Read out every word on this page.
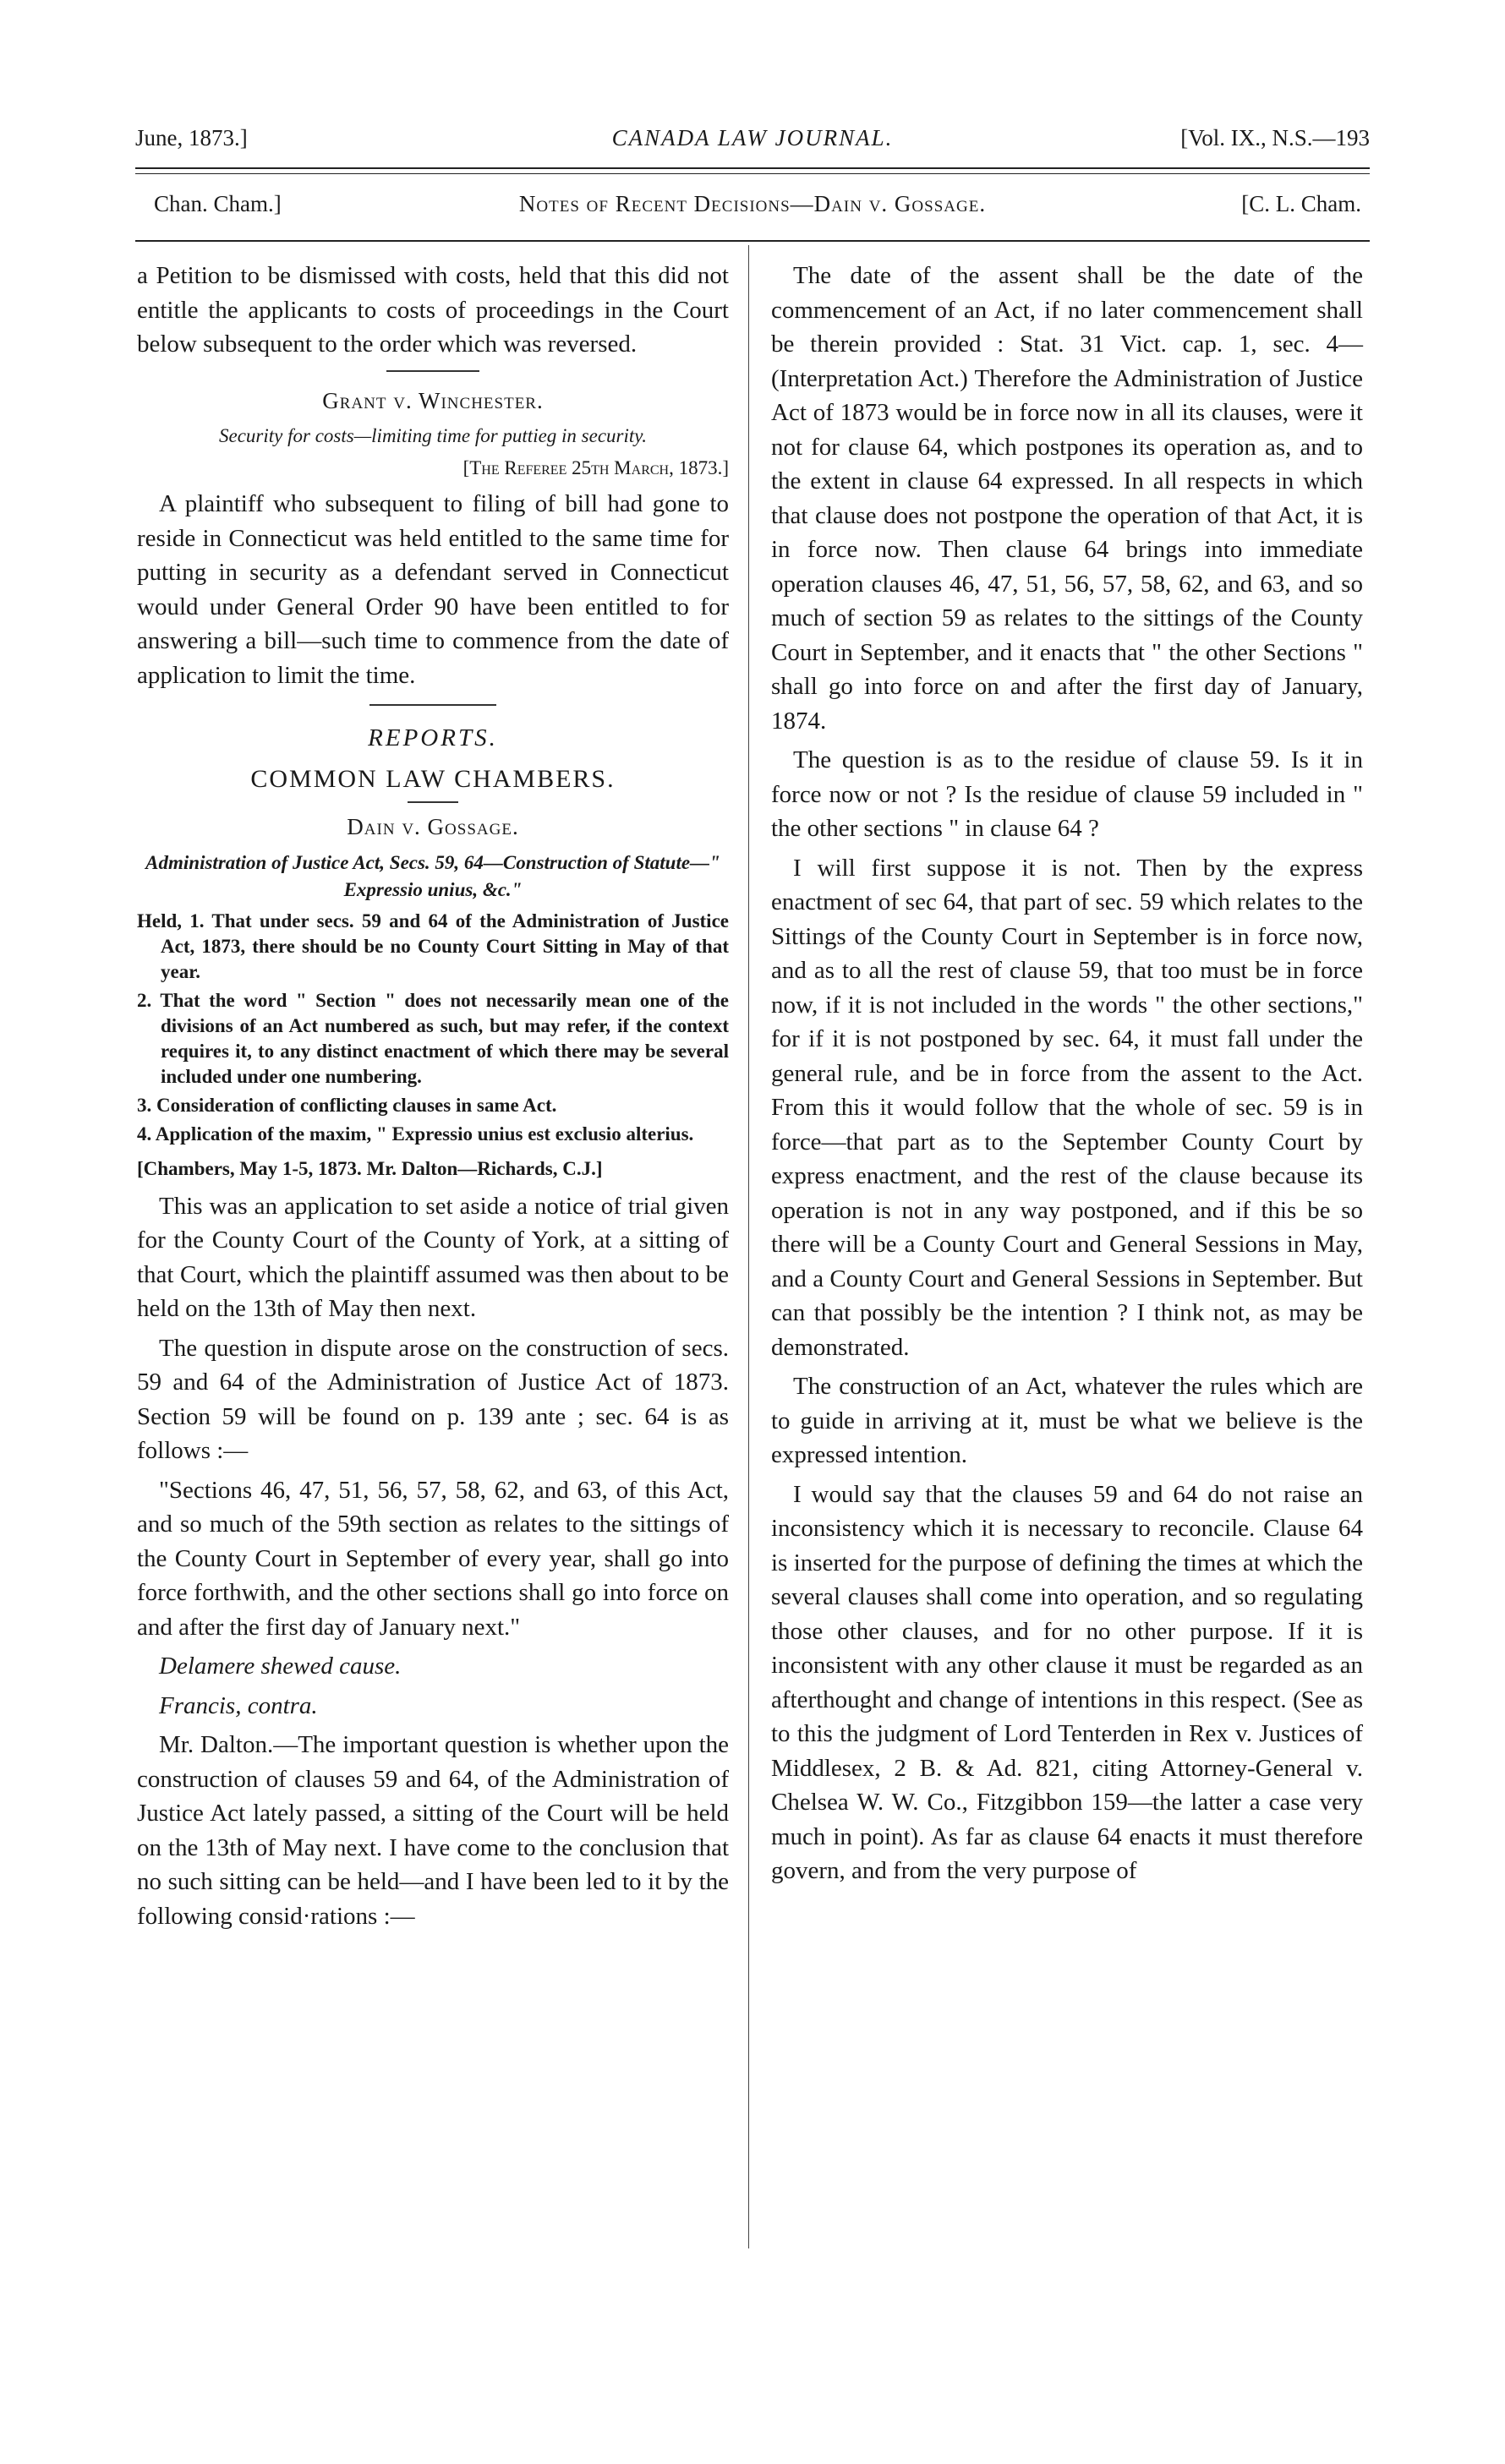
June, 1873.]	CANADA LAW JOURNAL.	[Vol. IX., N.S.—193
Chan. Cham.]	Notes of Recent Decisions—Dain v. Gossage.	[C. L. Cham.

a Petition to be dismissed with costs, held that this did not entitle the applicants to costs of proceedings in the Court below subsequent to the order which was reversed.

Grant v. Winchester.

Security for costs—limiting time for puttieg in security.

[The Referee 25th March, 1873.]

A plaintiff who subsequent to filing of bill had gone to reside in Connecticut was held entitled to the same time for putting in security as a defendant served in Connecticut would under General Order 90 have been entitled to for answering a bill—such time to commence from the date of application to limit the time.

REPORTS.

COMMON LAW CHAMBERS.

Dain v. Gossage.

Administration of Justice Act, Secs. 59, 64—Construction of Statute—" Expressio unius, &c."

Held, 1. That under secs. 59 and 64 of the Administration of Justice Act, 1873, there should be no County Court Sitting in May of that year.

2. That the word " Section " does not necessarily mean one of the divisions of an Act numbered as such, but may refer, if the context requires it, to any distinct enactment of which there may be several included under one numbering.

3. Consideration of conflicting clauses in same Act.

4. Application of the maxim, " Expressio unius est exclusio alterius.

[Chambers, May 1-5, 1873. Mr. Dalton—Richards, C.J.]

This was an application to set aside a notice of trial given for the County Court of the County of York, at a sitting of that Court, which the plaintiff assumed was then about to be held on the 13th of May then next.

The question in dispute arose on the construction of secs. 59 and 64 of the Administration of Justice Act of 1873. Section 59 will be found on p. 139 ante ; sec. 64 is as follows :—

"Sections 46, 47, 51, 56, 57, 58, 62, and 63, of this Act, and so much of the 59th section as relates to the sittings of the County Court in September of every year, shall go into force forthwith, and the other sections shall go into force on and after the first day of January next."

Delamere shewed cause.

Francis, contra.

Mr. Dalton.—The important question is whether upon the construction of clauses 59 and 64, of the Administration of Justice Act lately passed, a sitting of the Court will be held on the 13th of May next. I have come to the conclusion that no such sitting can be held—and I have been led to it by the following consid·rations :—

The date of the assent shall be the date of the commencement of an Act, if no later commencement shall be therein provided : Stat. 31 Vict. cap. 1, sec. 4—(Interpretation Act.) Therefore the Administration of Justice Act of 1873 would be in force now in all its clauses, were it not for clause 64, which postpones its operation as, and to the extent in clause 64 expressed. In all respects in which that clause does not postpone the operation of that Act, it is in force now. Then clause 64 brings into immediate operation clauses 46, 47, 51, 56, 57, 58, 62, and 63, and so much of section 59 as relates to the sittings of the County Court in September, and it enacts that " the other Sections " shall go into force on and after the first day of January, 1874.

The question is as to the residue of clause 59. Is it in force now or not ? Is the residue of clause 59 included in " the other sections " in clause 64 ?

I will first suppose it is not. Then by the express enactment of sec 64, that part of sec. 59 which relates to the Sittings of the County Court in September is in force now, and as to all the rest of clause 59, that too must be in force now, if it is not included in the words " the other sections," for if it is not postponed by sec. 64, it must fall under the general rule, and be in force from the assent to the Act. From this it would follow that the whole of sec. 59 is in force—that part as to the September County Court by express enactment, and the rest of the clause because its operation is not in any way postponed, and if this be so there will be a County Court and General Sessions in May, and a County Court and General Sessions in September. But can that possibly be the intention ? I think not, as may be demonstrated.

The construction of an Act, whatever the rules which are to guide in arriving at it, must be what we believe is the expressed intention.

I would say that the clauses 59 and 64 do not raise an inconsistency which it is necessary to reconcile. Clause 64 is inserted for the purpose of defining the times at which the several clauses shall come into operation, and so regulating those other clauses, and for no other purpose. If it is inconsistent with any other clause it must be regarded as an afterthought and change of intentions in this respect. (See as to this the judgment of Lord Tenterden in Rex v. Justices of Middlesex, 2 B. & Ad. 821, citing Attorney-General v. Chelsea W. W. Co., Fitzgibbon 159—the latter a case very much in point). As far as clause 64 enacts it must therefore govern, and from the very purpose of
